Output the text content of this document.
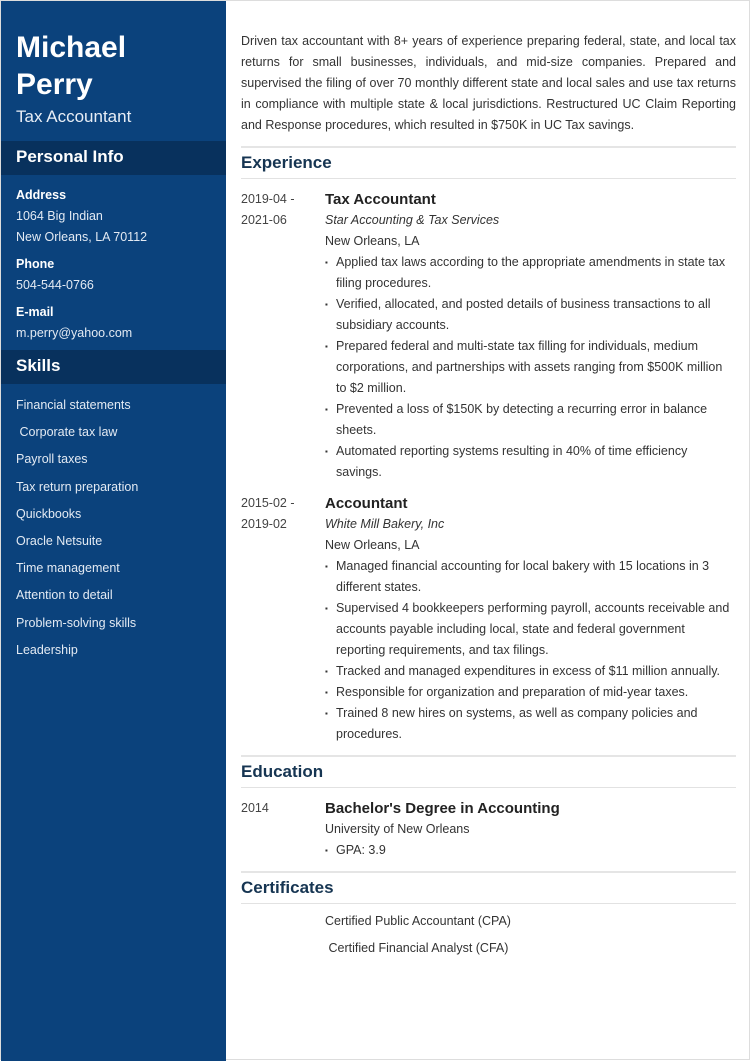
Michael
Perry
Tax Accountant
Personal Info
Address
1064 Big Indian
New Orleans, LA 70112
Phone
504-544-0766
E-mail
m.perry@yahoo.com
Skills
Financial statements
Corporate tax law
Payroll taxes
Tax return preparation
Quickbooks
Oracle Netsuite
Time management
Attention to detail
Problem-solving skills
Leadership

Driven tax accountant with 8+ years of experience preparing federal, state, and local tax returns for small businesses, individuals, and mid-size companies. Prepared and supervised the filing of over 70 monthly different state and local sales and use tax returns in compliance with multiple state & local jurisdictions. Restructured UC Claim Reporting and Response procedures, which resulted in $750K in UC Tax savings.

Experience
2019-04 -
2021-06
Tax Accountant
Star Accounting & Tax Services
New Orleans, LA
▪ Applied tax laws according to the appropriate amendments in state tax filing procedures.
▪ Verified, allocated, and posted details of business transactions to all subsidiary accounts.
▪ Prepared federal and multi-state tax filling for individuals, medium corporations, and partnerships with assets ranging from $500K million to $2 million.
▪ Prevented a loss of $150K by detecting a recurring error in balance sheets.
▪ Automated reporting systems resulting in 40% of time efficiency savings.
2015-02 -
2019-02
Accountant
White Mill Bakery, Inc
New Orleans, LA
▪ Managed financial accounting for local bakery with 15 locations in 3 different states.
▪ Supervised 4 bookkeepers performing payroll, accounts receivable and accounts payable including local, state and federal government reporting requirements, and tax filings.
▪ Tracked and managed expenditures in excess of $11 million annually.
▪ Responsible for organization and preparation of mid-year taxes.
▪ Trained 8 new hires on systems, as well as company policies and procedures.
Education
2014	Bachelor's Degree in Accounting
University of New Orleans
▪ GPA: 3.9
Certificates
Certified Public Accountant (CPA)
Certified Financial Analyst (CFA)
